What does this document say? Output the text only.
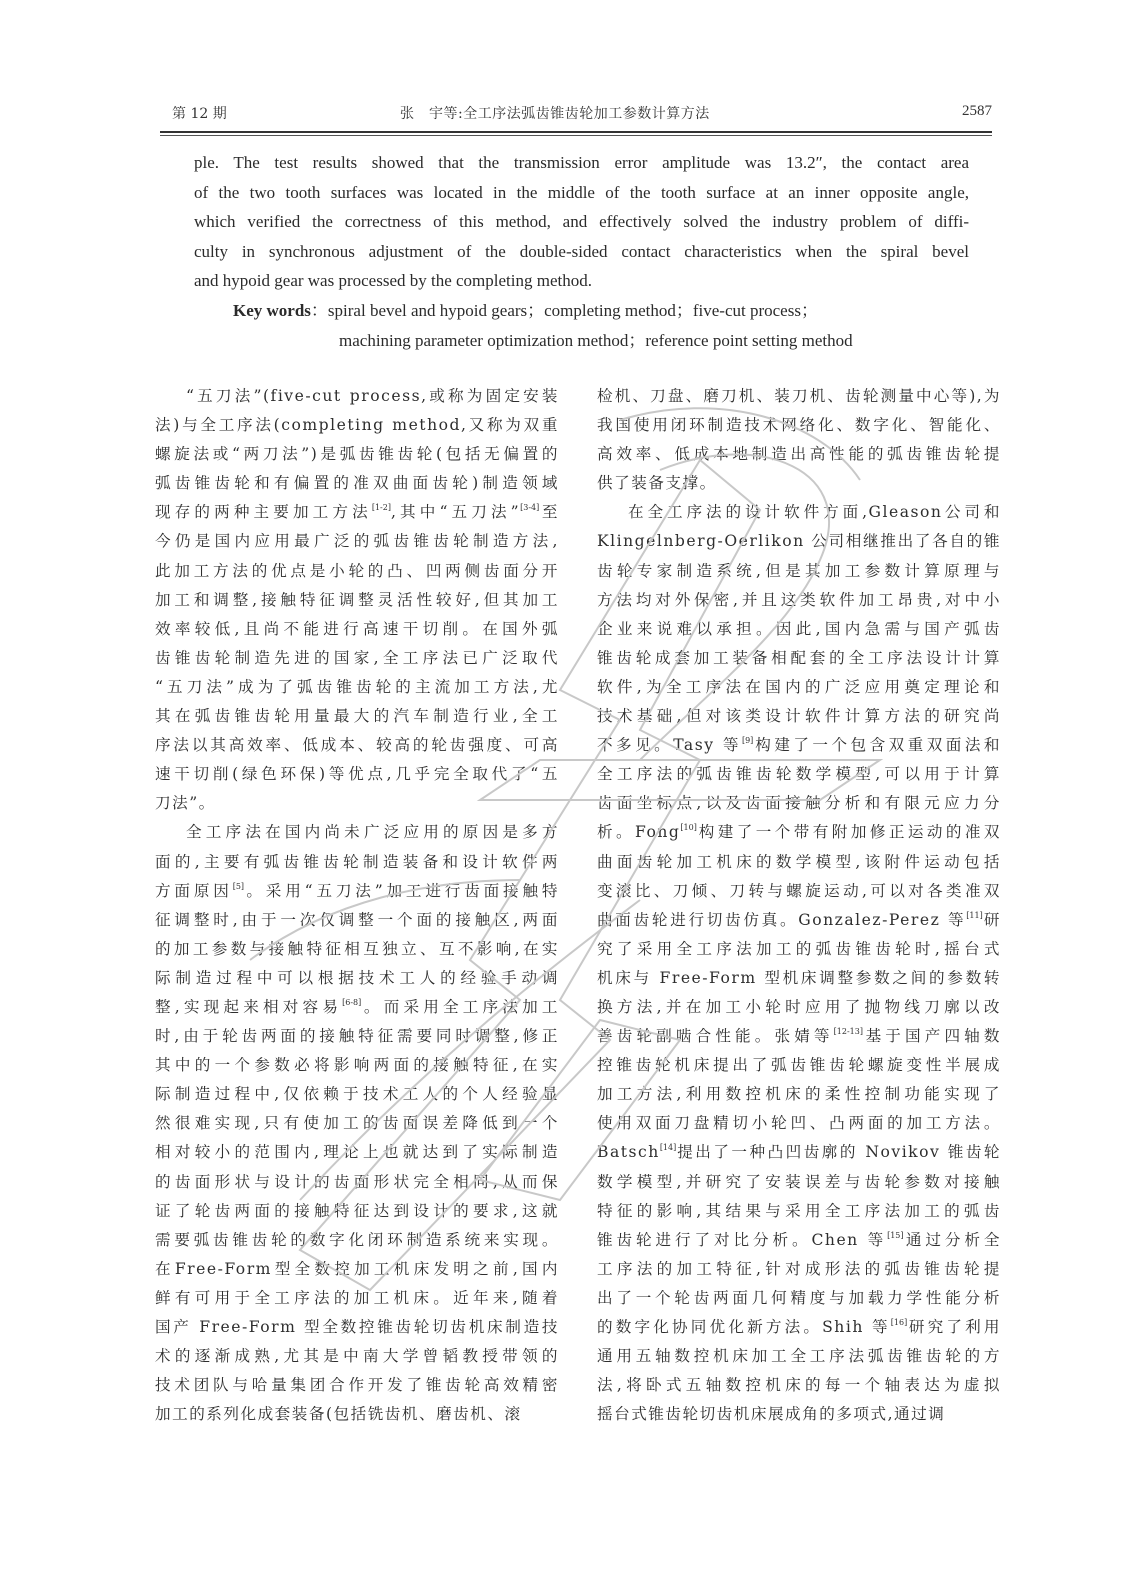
第 12 期	张　宇等:全工序法弧齿锥齿轮加工参数计算方法	2587
ple. The test results showed that the transmission error amplitude was 13.2″, the contact area
of the two tooth surfaces was located in the middle of the tooth surface at an inner opposite angle,
which verified the correctness of this method, and effectively solved the industry problem of diffi-
culty in synchronous adjustment of the double-sided contact characteristics when the spiral bevel
and hypoid gear was processed by the completing method.
Key words：spiral bevel and hypoid gears；completing method；five-cut process；
machining parameter optimization method；reference point setting method
“五刀法”(five-cut process,或称为固定安装
法)与全工序法(completing method,又称为双重
螺旋法或“两刀法”)是弧齿锥齿轮(包括无偏置的
弧齿锥齿轮和有偏置的准双曲面齿轮)制造领域
现存的两种主要加工方法[1-2],其中“五刀法”[3-4]至
今仍是国内应用最广泛的弧齿锥齿轮制造方法,
此加工方法的优点是小轮的凸、凹两侧齿面分开
加工和调整,接触特征调整灵活性较好,但其加工
效率较低,且尚不能进行高速干切削。在国外弧
齿锥齿轮制造先进的国家,全工序法已广泛取代
“五刀法”成为了弧齿锥齿轮的主流加工方法,尤
其在弧齿锥齿轮用量最大的汽车制造行业,全工
序法以其高效率、低成本、较高的轮齿强度、可高
速干切削(绿色环保)等优点,几乎完全取代了“五
刀法”。
全工序法在国内尚未广泛应用的原因是多方
面的,主要有弧齿锥齿轮制造装备和设计软件两
方面原因[5]。采用“五刀法”加工进行齿面接触特
征调整时,由于一次仅调整一个面的接触区,两面
的加工参数与接触特征相互独立、互不影响,在实
际制造过程中可以根据技术工人的经验手动调
整,实现起来相对容易[6-8]。而采用全工序法加工
时,由于轮齿两面的接触特征需要同时调整,修正
其中的一个参数必将影响两面的接触特征,在实
际制造过程中,仅依赖于技术工人的个人经验显
然很难实现,只有使加工的齿面误差降低到一个
相对较小的范围内,理论上也就达到了实际制造
的齿面形状与设计的齿面形状完全相同,从而保
证了轮齿两面的接触特征达到设计的要求,这就
需要弧齿锥齿轮的数字化闭环制造系统来实现。
在Free-Form型全数控加工机床发明之前,国内
鲜有可用于全工序法的加工机床。近年来,随着
国产 Free-Form 型全数控锥齿轮切齿机床制造技
术的逐渐成熟,尤其是中南大学曾韬教授带领的
技术团队与哈量集团合作开发了锥齿轮高效精密
加工的系列化成套装备(包括铣齿机、磨齿机、滚
检机、刀盘、磨刀机、装刀机、齿轮测量中心等),为
我国使用闭环制造技术网络化、数字化、智能化、
高效率、低成本地制造出高性能的弧齿锥齿轮提
供了装备支撑。
在全工序法的设计软件方面,Gleason公司和
Klingelnberg-Oerlikon 公司相继推出了各自的锥
齿轮专家制造系统,但是其加工参数计算原理与
方法均对外保密,并且这类软件加工昂贵,对中小
企业来说难以承担。因此,国内急需与国产弧齿
锥齿轮成套加工装备相配套的全工序法设计计算
软件,为全工序法在国内的广泛应用奠定理论和
技术基础,但对该类设计软件计算方法的研究尚
不多见。Tasy 等[9]构建了一个包含双重双面法和
全工序法的弧齿锥齿轮数学模型,可以用于计算
齿面坐标点,以及齿面接触分析和有限元应力分
析。Fong[10]构建了一个带有附加修正运动的准双
曲面齿轮加工机床的数学模型,该附件运动包括
变滚比、刀倾、刀转与螺旋运动,可以对各类准双
曲面齿轮进行切齿仿真。Gonzalez-Perez 等[11]研
究了采用全工序法加工的弧齿锥齿轮时,摇台式
机床与 Free-Form 型机床调整参数之间的参数转
换方法,并在加工小轮时应用了抛物线刀廓以改
善齿轮副啮合性能。张婧等[12-13]基于国产四轴数
控锥齿轮机床提出了弧齿锥齿轮螺旋变性半展成
加工方法,利用数控机床的柔性控制功能实现了
使用双面刀盘精切小轮凹、凸两面的加工方法。
Batsch[14]提出了一种凸凹齿廓的 Novikov 锥齿轮
数学模型,并研究了安装误差与齿轮参数对接触
特征的影响,其结果与采用全工序法加工的弧齿
锥齿轮进行了对比分析。Chen 等[15]通过分析全
工序法的加工特征,针对成形法的弧齿锥齿轮提
出了一个轮齿两面几何精度与加载力学性能分析
的数字化协同优化新方法。Shih 等[16]研究了利用
通用五轴数控机床加工全工序法弧齿锥齿轮的方
法,将卧式五轴数控机床的每一个轴表达为虚拟
摇台式锥齿轮切齿机床展成角的多项式,通过调
